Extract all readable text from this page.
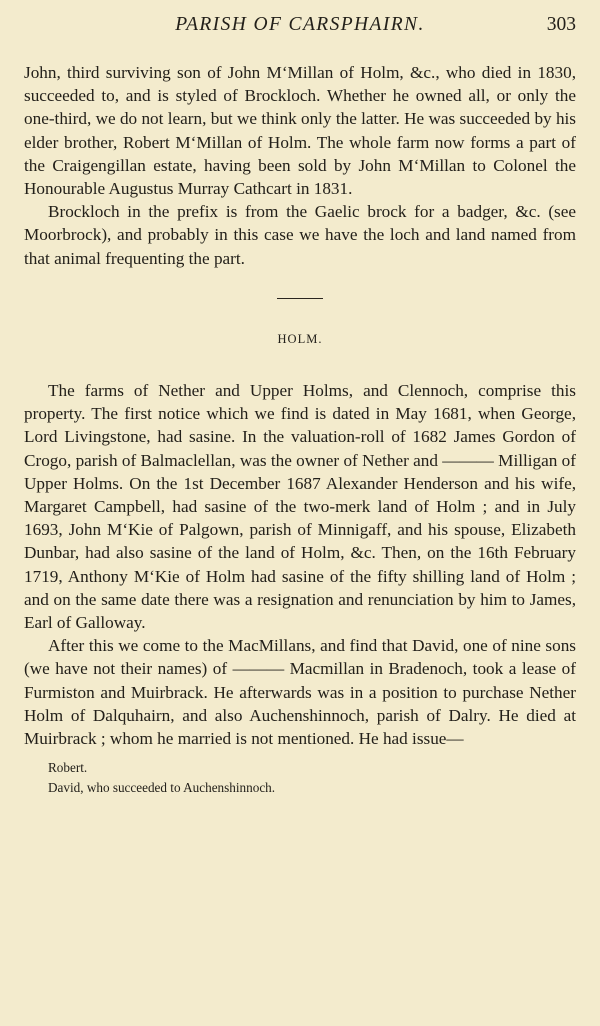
PARISH OF CARSPHAIRN.	303

John, third surviving son of John M‘Millan of Holm, &c., who died in 1830, succeeded to, and is styled of Brockloch. Whether he owned all, or only the one-third, we do not learn, but we think only the latter. He was succeeded by his elder brother, Robert M‘Millan of Holm. The whole farm now forms a part of the Craigengillan estate, having been sold by John M‘Millan to Colonel the Honourable Augustus Murray Cathcart in 1831.

Brockloch in the prefix is from the Gaelic brock for a badger, &c. (see Moorbrock), and probably in this case we have the loch and land named from that animal frequenting the part.

HOLM.

The farms of Nether and Upper Holms, and Clennoch, comprise this property. The first notice which we find is dated in May 1681, when George, Lord Livingstone, had sasine. In the valuation-roll of 1682 James Gordon of Crogo, parish of Balmaclellan, was the owner of Nether and ——— Milligan of Upper Holms. On the 1st December 1687 Alexander Henderson and his wife, Margaret Campbell, had sasine of the two-merk land of Holm ; and in July 1693, John M‘Kie of Palgown, parish of Minnigaff, and his spouse, Elizabeth Dunbar, had also sasine of the land of Holm, &c. Then, on the 16th February 1719, Anthony M‘Kie of Holm had sasine of the fifty shilling land of Holm ; and on the same date there was a resignation and renunciation by him to James, Earl of Galloway.

After this we come to the MacMillans, and find that David, one of nine sons (we have not their names) of ——— Macmillan in Bradenoch, took a lease of Furmiston and Muirbrack. He afterwards was in a position to purchase Nether Holm of Dalquhairn, and also Auchenshinnoch, parish of Dalry. He died at Muirbrack ; whom he married is not mentioned. He had issue—

Robert.
David, who succeeded to Auchenshinnoch.
